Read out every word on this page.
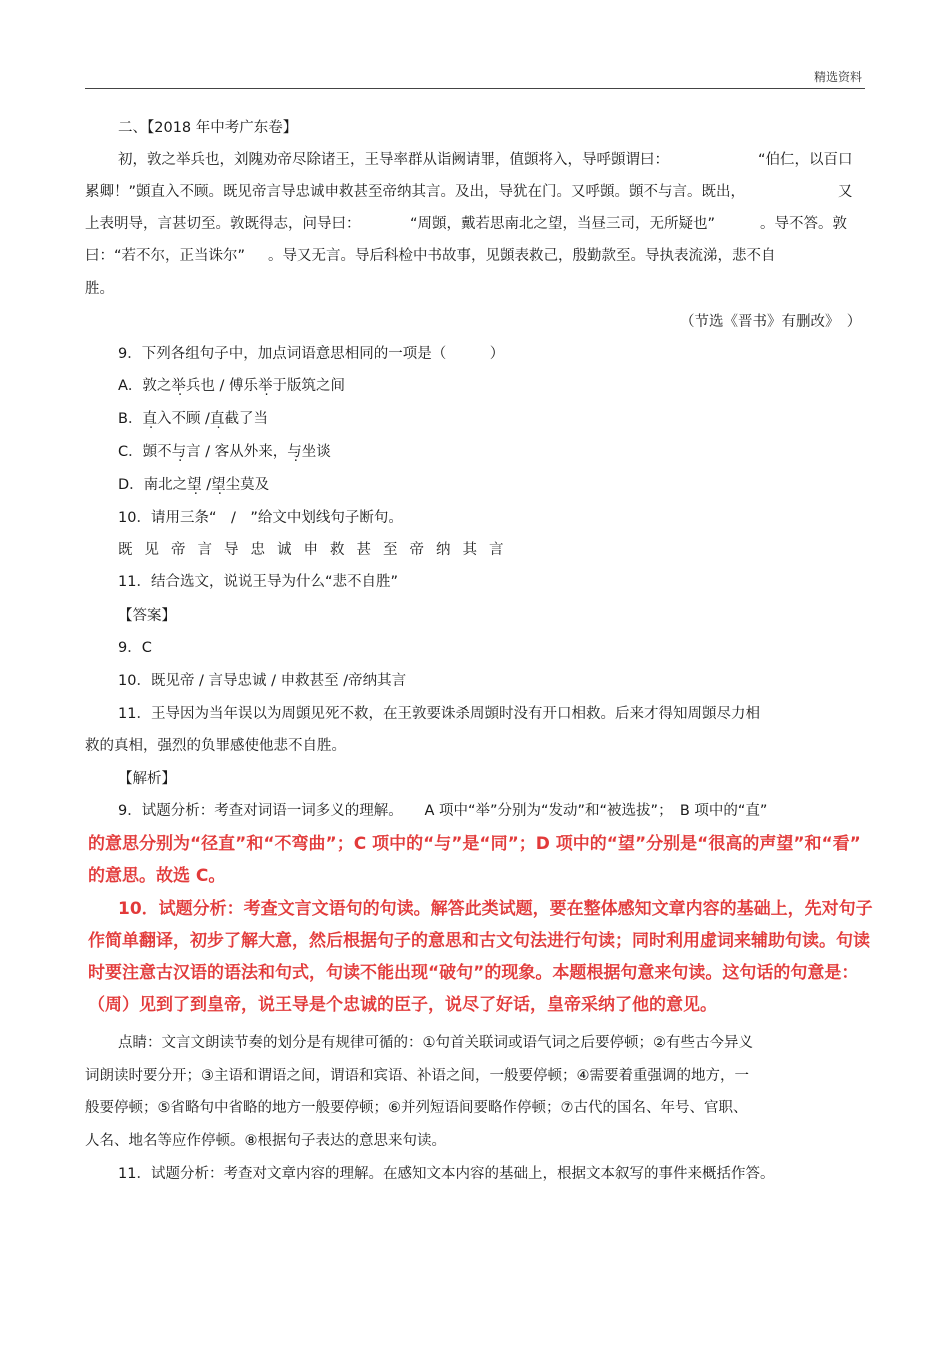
精选资料
二、【2018 年中考广东卷】
初，敦之举兵也，刘隗劝帝尽除诸王，王导率群从诣阙请罪，值顗将入，导呼顗谓曰：	“伯仁，以百口
累卿！”顗直入不顾。既见帝言导忠诚申救甚至帝纳其言。及出，导犹在门。又呼顗。顗不与言。既出，	又
上表明导，言甚切至。敦既得志，问导曰：	“周顗，戴若思南北之望，当昼三司，无所疑也”	。导不答。敦
曰：“若不尔，正当诛尔” 。导又无言。导后科检中书故事，见顗表救己，殷勤款至。导执表流涕，悲不自
胜。
（节选《晋书》有删改》　）
9．下列各组句子中，加点词语意思相同的一项是（　　　）
A．敦之举兵也 / 傅乐举于版筑之间
B．直入不顾 /直截了当
C．顗不与言 / 客从外来，与坐谈
D．南北之望 /望尘莫及
10．请用三条“　/　”给文中划线句子断句。
既见帝言导忠诚申救甚至帝纳其言
11．结合选文，说说王导为什么“悲不自胜”
【答案】
9．C
10．既见帝 / 言导忠诚 / 申救甚至 /帝纳其言
11．王导因为当年误以为周顗见死不救，在王敦要诛杀周顗时没有开口相救。后来才得知周顗尽力相
救的真相，强烈的负罪感使他悲不自胜。
【解析】
9．试题分析：考查对词语一词多义的理解。　　A 项中“举”分别为“发动”和“被选拔”；　B 项中的“直”
的意思分别为“径直”和“不弯曲”；C 项中的“与”是“同”；D 项中的“望”分别是“很高的声望”和“看”
的意思。故选 C。
10．试题分析：考查文言文语句的句读。解答此类试题，要在整体感知文章内容的基础上，先对句子
作简单翻译，初步了解大意，然后根据句子的意思和古文句法进行句读；同时利用虚词来辅助句读。句读
时要注意古汉语的语法和句式，句读不能出现“破句”的现象。本题根据句意来句读。这句话的句意是：
（周）见到了到皇帝，说王导是个忠诚的臣子，说尽了好话，皇帝采纳了他的意见。
点睛：文言文朗读节奏的划分是有规律可循的：①句首关联词或语气词之后要停顿；②有些古今异义
词朗读时要分开；③主语和谓语之间，谓语和宾语、补语之间，一般要停顿；④需要着重强调的地方，一
般要停顿；⑤省略句中省略的地方一般要停顿；⑥并列短语间要略作停顿；⑦古代的国名、年号、官职、
人名、地名等应作停顿。⑧根据句子表达的意思来句读。
11．试题分析：考查对文章内容的理解。在感知文本内容的基础上，根据文本叙写的事件来概括作答。
